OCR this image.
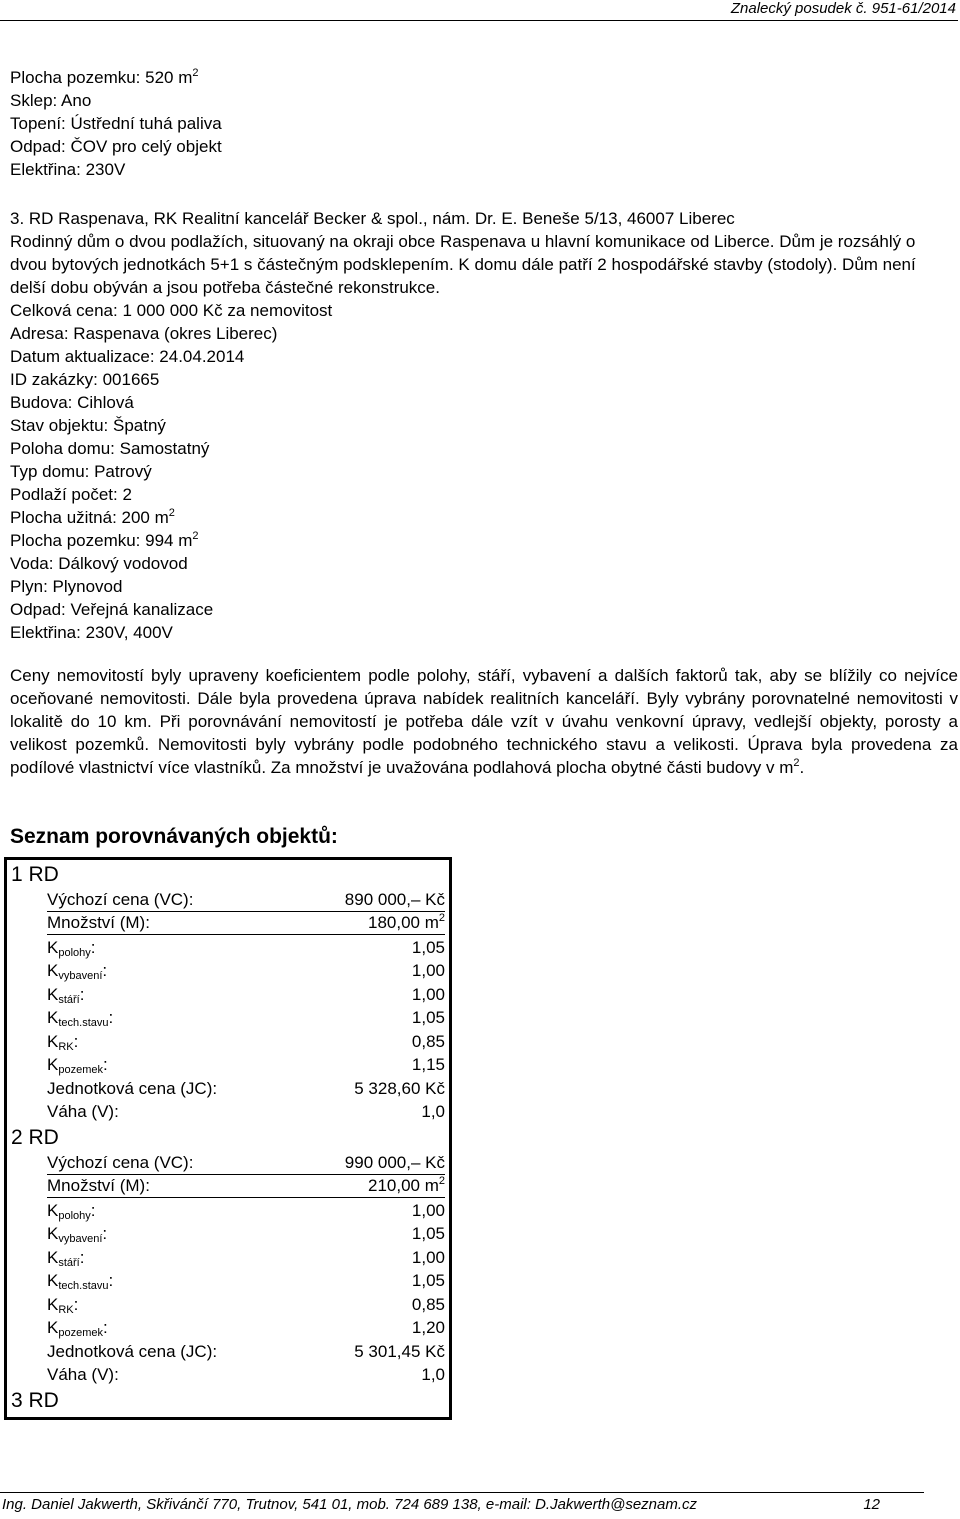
Znalecký posudek č. 951-61/2014
Plocha pozemku: 520 $m^2$
Sklep: Ano
Topení: Ústřední tuhá paliva
Odpad: ČOV pro celý objekt
Elektřina: 230V
3. RD Raspenava, RK Realitní kancelář Becker & spol., nám. Dr. E. Beneše 5/13, 46007 Liberec
Rodinný dům o dvou podlažích, situovaný na okraji obce Raspenava u hlavní komunikace od Liberce. Dům je rozsáhlý o dvou bytových jednotkách 5+1 s částečným podsklepením. K domu dále patří 2 hospodářské stavby (stodoly). Dům není delší dobu obýván a jsou potřeba částečné rekonstrukce.
Celková cena: 1 000 000 Kč za nemovitost
Adresa: Raspenava (okres Liberec)
Datum aktualizace: 24.04.2014
ID zakázky: 001665
Budova: Cihlová
Stav objektu: Špatný
Poloha domu: Samostatný
Typ domu: Patrový
Podlaží počet: 2
Plocha užitná: 200 $m^2$
Plocha pozemku: 994 $m^2$
Voda: Dálkový vodovod
Plyn: Plynovod
Odpad: Veřejná kanalizace
Elektřina: 230V, 400V
Ceny nemovitostí byly upraveny koeficientem podle polohy, stáří, vybavení a dalších faktorů tak, aby se blížily co nejvíce oceňované nemovitosti. Dále byla provedena úprava nabídek realitních kanceláří. Byly vybrány porovnatelné nemovitosti v lokalitě do 10 km. Při porovnávání nemovitostí je potřeba dále vzít v úvahu venkovní úpravy, vedlejší objekty, porosty a velikost pozemků. Nemovitosti byly vybrány podle podobného technického stavu a velikosti. Úprava byla provedena za podílové vlastnictví více vlastníků. Za množství je uvažována podlahová plocha obytné části budovy v $m^2$.
Seznam porovnávaných objektů:
1 RD
Výchozí cena (VC):	890 000,– Kč
Množství (M):	180,00 $m^2$
$K_{polohy}$ :	1,05
$K_{vybavení}$ :	1,00
$K_{stáří}$ :	1,00
$K_{tech.stavu}$ :	1,05
$K_{RK}$ :	0,85
$K_{pozemek}$ :	1,15
Jednotková cena (JC):	5 328,60 Kč
Váha (V):	1,0
2 RD
Výchozí cena (VC):	990 000,– Kč
Množství (M):	210,00 $m^2$
$K_{polohy}$ :	1,00
$K_{vybavení}$ :	1,05
$K_{stáří}$ :	1,00
$K_{tech.stavu}$ :	1,05
$K_{RK}$ :	0,85
$K_{pozemek}$ :	1,20
Jednotková cena (JC):	5 301,45 Kč
Váha (V):	1,0
3 RD
Ing. Daniel Jakwerth, Skřivánčí 770, Trutnov, 541 01, mob. 724 689 138, e-mail: D.Jakwerth@seznam.cz	12
